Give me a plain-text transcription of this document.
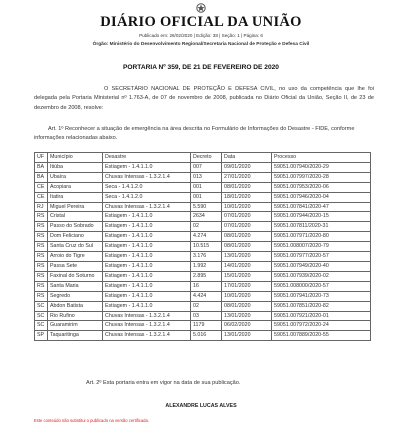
DIÁRIO OFICIAL DA UNIÃO
Publicado em: 26/02/2020 | Edição: 38 | Seção: 1 | Página: 6
Órgão: Ministério do Desenvolvimento Regional/Secretaria Nacional de Proteção e Defesa Civil
PORTARIA Nº 359, DE 21 DE FEVEREIRO DE 2020
O SECRETÁRIO NACIONAL DE PROTEÇÃO E DEFESA CIVIL, no uso da competência que lhe foi delegada pela Portaria Ministerial nº 1.763-A, de 07 de novembro de 2008, publicada no Diário Oficial da União, Seção II, de 23 de dezembro de 2008, resolve:
Art. 1º Reconhecer a situação de emergência na área descrita no Formulário de Informações do Desastre - FIDE, conforme informações relacionadas abaixo.
UF	Município	Desastre	Decreto	Data	Processo
BA	Itiúba	Estiagem - 1.4.1.1.0	007	09/01/2020	59051.007940/2020-29
BA	Ubaíra	Chuvas Intensas - 1.3.2.1.4	013	27/01/2020	59051.007997/2020-28
CE	Acopiara	Seca - 1.4.1.2.0	001	08/01/2020	59051.007953/2020-06
CE	Itatira	Seca - 1.4.1.2.0	001	18/01/2020	59051.007946/2020-04
RJ	Miguel Pereira	Chuvas Intensas - 1.3.2.1.4	5.590	10/01/2020	59051.007841/2020-47
RS	Cristal	Estiagem - 1.4.1.1.0	2634	07/01/2020	59051.007944/2020-15
RS	Passo do Sobrado	Estiagem - 1.4.1.1.0	02	07/01/2020	59051.007811/2020-31
RS	Dom Feliciano	Estiagem - 1.4.1.1.0	4.274	08/01/2020	59051.007971/2020-80
RS	Santa Cruz do Sul	Estiagem - 1.4.1.1.0	10.515	08/01/2020	59051.008007/2020-79
RS	Arroio do Tigre	Estiagem - 1.4.1.1.0	3.176	13/01/2020	59051.007977/2020-57
RS	Passa Sete	Estiagem - 1.4.1.1.0	1.992	14/01/2020	59051.007949/2020-40
RS	Faxinal do Soturno	Estiagem - 1.4.1.1.0	2.895	15/01/2020	59051.007939/2020-02
RS	Santa Maria	Estiagem - 1.4.1.1.0	16	17/01/2020	59051.008000/2020-57
RS	Segredo	Estiagem - 1.4.1.1.0	4.424	10/01/2020	59051.007941/2020-73
SC	Abdon Batista	Estiagem - 1.4.1.1.0	02	08/01/2020	59051.007851/2020-82
SC	Rio Rufino	Chuvas Intensas - 1.3.2.1.4	03	13/01/2020	59051.007921/2020-01
SC	Guaramirim	Chuvas Intensas - 1.3.2.1.4	1179	06/02/2020	59051.007972/2020-24
SP	Taquaritinga	Chuvas Intensas - 1.3.2.1.4	5.016	13/01/2020	59051.007889/2020-55
Art. 2º Esta portaria entra em vigor na data de sua publicação.
ALEXANDRE LUCAS ALVES
Este conteúdo não substitui o publicado na versão certificada.
